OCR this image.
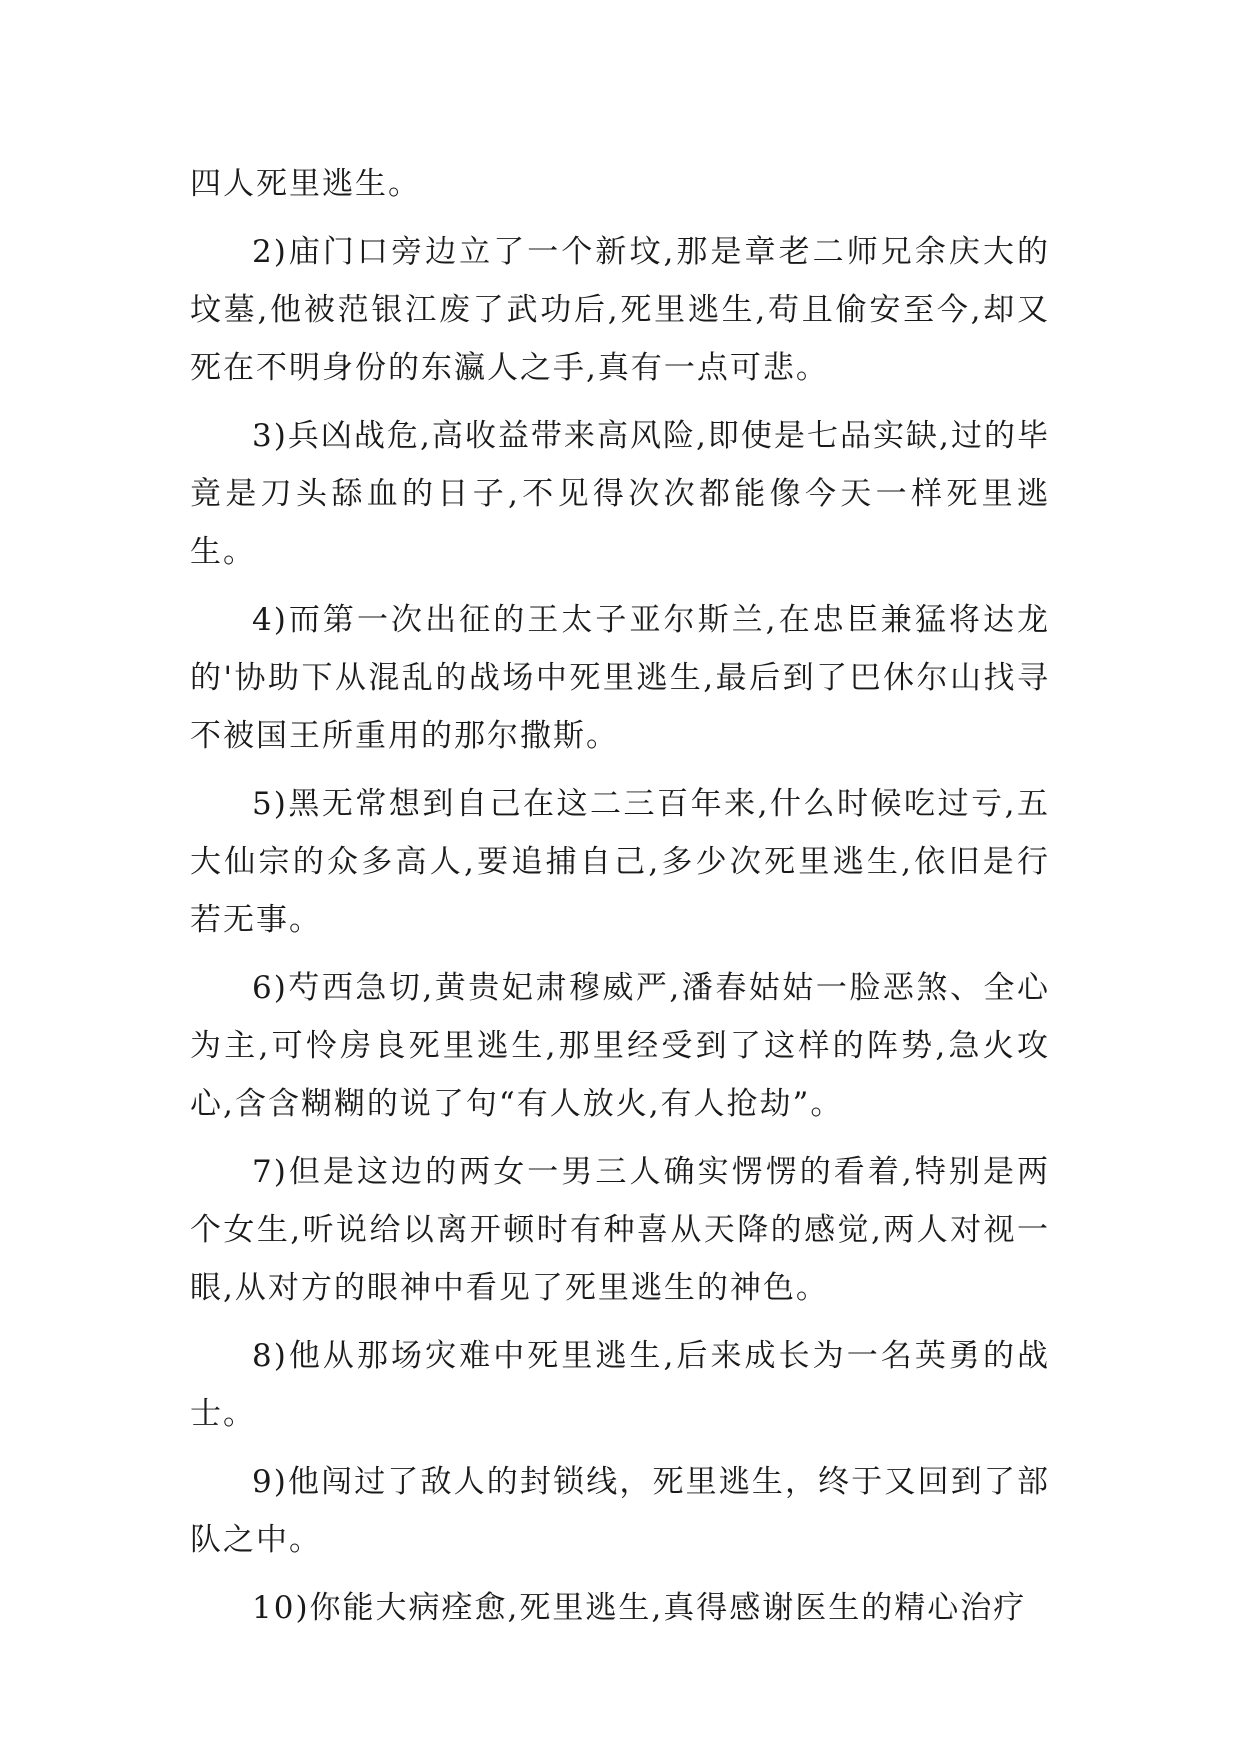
四人死里逃生。

2)庙门口旁边立了一个新坟,那是章老二师兄余庆大的坟墓,他被范银江废了武功后,死里逃生,苟且偷安至今,却又死在不明身份的东瀛人之手,真有一点可悲。

3)兵凶战危,高收益带来高风险,即使是七品实缺,过的毕竟是刀头舔血的日子,不见得次次都能像今天一样死里逃生。

4)而第一次出征的王太子亚尔斯兰,在忠臣兼猛将达龙的'协助下从混乱的战场中死里逃生,最后到了巴休尔山找寻不被国王所重用的那尔撒斯。

5)黑无常想到自己在这二三百年来,什么时候吃过亏,五大仙宗的众多高人,要追捕自己,多少次死里逃生,依旧是行若无事。

6)芍西急切,黄贵妃肃穆威严,潘春姑姑一脸恶煞、全心为主,可怜房良死里逃生,那里经受到了这样的阵势,急火攻心,含含糊糊的说了句“有人放火,有人抢劫”。

7)但是这边的两女一男三人确实愣愣的看着,特别是两个女生,听说给以离开顿时有种喜从天降的感觉,两人对视一眼,从对方的眼神中看见了死里逃生的神色。

8)他从那场灾难中死里逃生,后来成长为一名英勇的战士。

9)他闯过了敌人的封锁线，死里逃生，终于又回到了部队之中。

10)你能大病痊愈,死里逃生,真得感谢医生的精心治疗
